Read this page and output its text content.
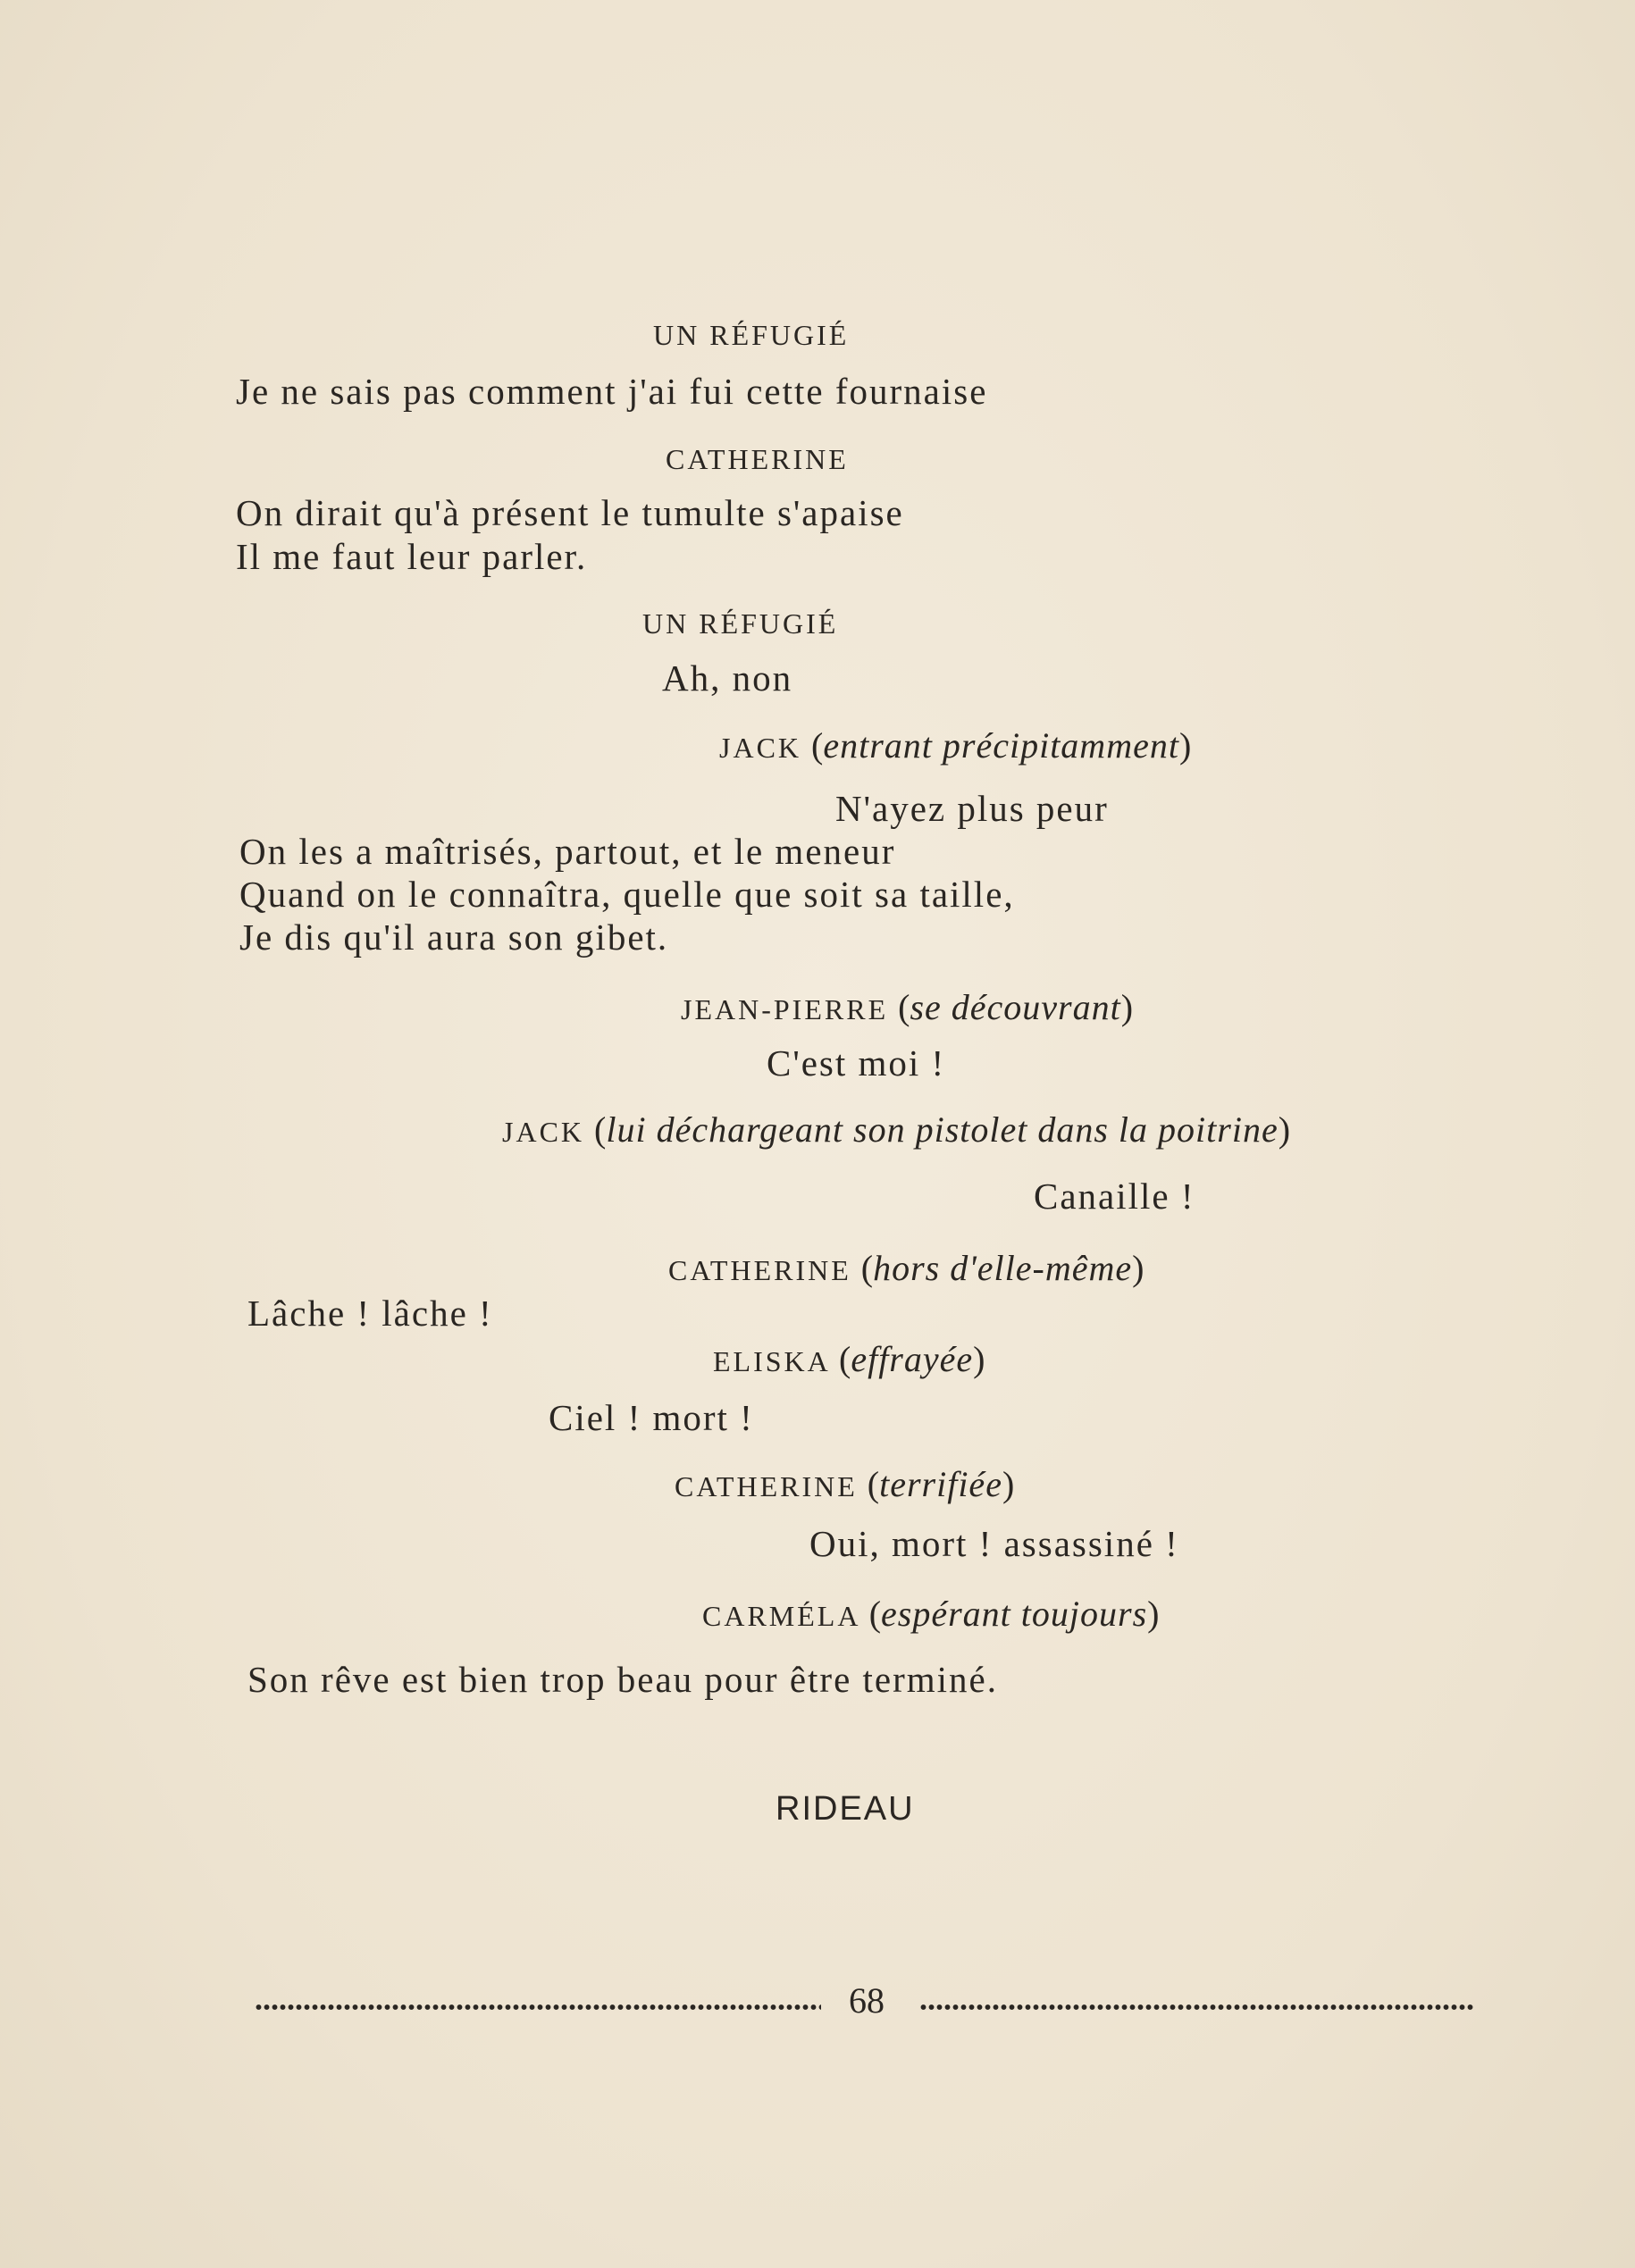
UN RÉFUGIÉ
Je ne sais pas comment j'ai fui cette fournaise
CATHERINE
On dirait qu'à présent le tumulte s'apaise
Il me faut leur parler.
UN RÉFUGIÉ
Ah, non
JACK (entrant précipitamment)
N'ayez plus peur
On les a maîtrisés, partout, et le meneur
Quand on le connaîtra, quelle que soit sa taille,
Je dis qu'il aura son gibet.
JEAN-PIERRE (se découvrant)
C'est moi !
JACK (lui déchargeant son pistolet dans la poitrine)
Canaille !
CATHERINE (hors d'elle-même)
Lâche ! lâche !
ELISKA (effrayée)
Ciel ! mort !
CATHERINE (terrifiée)
Oui, mort ! assassiné !
CARMÉLA (espérant toujours)
Son rêve est bien trop beau pour être terminé.
RIDEAU
68
